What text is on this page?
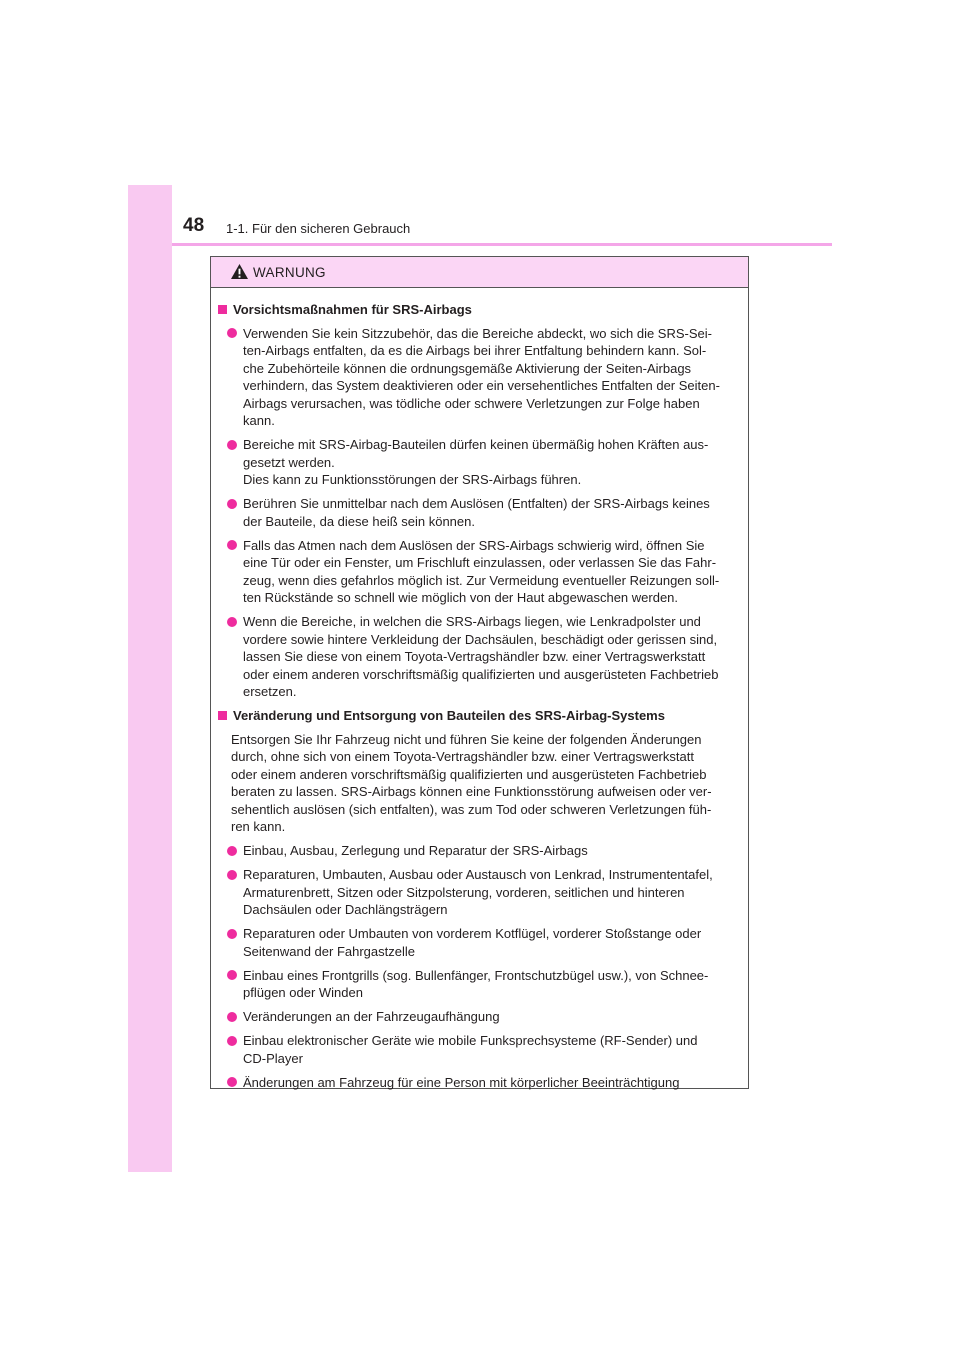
48 1-1. Für den sicheren Gebrauch
WARNUNG
Vorsichtsmaßnahmen für SRS-Airbags
Verwenden Sie kein Sitzzubehör, das die Bereiche abdeckt, wo sich die SRS-Sei-
ten-Airbags entfalten, da es die Airbags bei ihrer Entfaltung behindern kann. Sol-
che Zubehörteile können die ordnungsgemäße Aktivierung der Seiten-Airbags
verhindern, das System deaktivieren oder ein versehentliches Entfalten der Seiten-
Airbags verursachen, was tödliche oder schwere Verletzungen zur Folge haben
kann.
Bereiche mit SRS-Airbag-Bauteilen dürfen keinen übermäßig hohen Kräften aus-
gesetzt werden.
Dies kann zu Funktionsstörungen der SRS-Airbags führen.
Berühren Sie unmittelbar nach dem Auslösen (Entfalten) der SRS-Airbags keines
der Bauteile, da diese heiß sein können.
Falls das Atmen nach dem Auslösen der SRS-Airbags schwierig wird, öffnen Sie
eine Tür oder ein Fenster, um Frischluft einzulassen, oder verlassen Sie das Fahr-
zeug, wenn dies gefahrlos möglich ist. Zur Vermeidung eventueller Reizungen soll-
ten Rückstände so schnell wie möglich von der Haut abgewaschen werden.
Wenn die Bereiche, in welchen die SRS-Airbags liegen, wie Lenkradpolster und
vordere sowie hintere Verkleidung der Dachsäulen, beschädigt oder gerissen sind,
lassen Sie diese von einem Toyota-Vertragshändler bzw. einer Vertragswerkstatt
oder einem anderen vorschriftsmäßig qualifizierten und ausgerüsteten Fachbetrieb
ersetzen.
Veränderung und Entsorgung von Bauteilen des SRS-Airbag-Systems
Entsorgen Sie Ihr Fahrzeug nicht und führen Sie keine der folgenden Änderungen
durch, ohne sich von einem Toyota-Vertragshändler bzw. einer Vertragswerkstatt
oder einem anderen vorschriftsmäßig qualifizierten und ausgerüsteten Fachbetrieb
beraten zu lassen. SRS-Airbags können eine Funktionsstörung aufweisen oder ver-
sehentlich auslösen (sich entfalten), was zum Tod oder schweren Verletzungen füh-
ren kann.
Einbau, Ausbau, Zerlegung und Reparatur der SRS-Airbags
Reparaturen, Umbauten, Ausbau oder Austausch von Lenkrad, Instrumententafel,
Armaturenbrett, Sitzen oder Sitzpolsterung, vorderen, seitlichen und hinteren
Dachsäulen oder Dachlängsträgern
Reparaturen oder Umbauten von vorderem Kotflügel, vorderer Stoßstange oder
Seitenwand der Fahrgastzelle
Einbau eines Frontgrills (sog. Bullenfänger, Frontschutzbügel usw.), von Schnee-
pflügen oder Winden
Veränderungen an der Fahrzeugaufhängung
Einbau elektronischer Geräte wie mobile Funksprechsysteme (RF-Sender) und
CD-Player
Änderungen am Fahrzeug für eine Person mit körperlicher Beeinträchtigung
